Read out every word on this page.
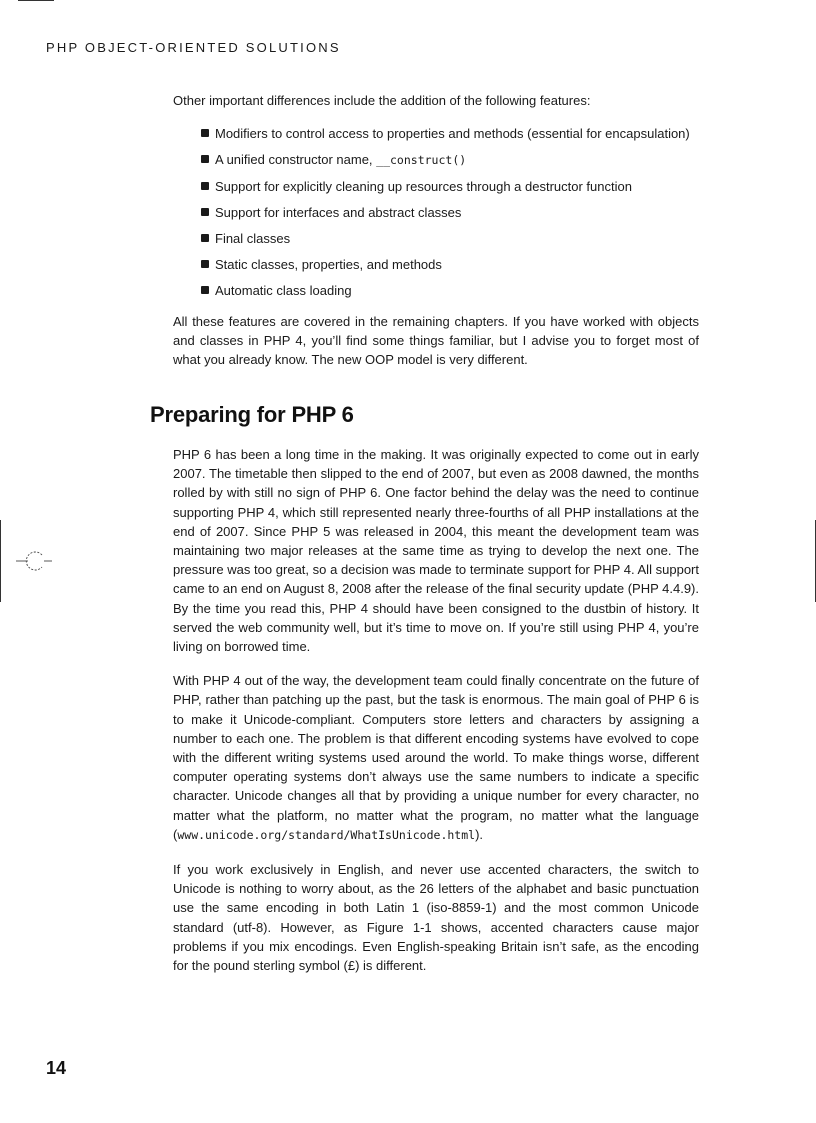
PHP OBJECT-ORIENTED SOLUTIONS

Other important differences include the addition of the following features:

Modifiers to control access to properties and methods (essential for encapsulation)
A unified constructor name, __construct()
Support for explicitly cleaning up resources through a destructor function
Support for interfaces and abstract classes
Final classes
Static classes, properties, and methods
Automatic class loading

All these features are covered in the remaining chapters. If you have worked with objects and classes in PHP 4, you’ll find some things familiar, but I advise you to forget most of what you already know. The new OOP model is very different.

Preparing for PHP 6

PHP 6 has been a long time in the making. It was originally expected to come out in early 2007. The timetable then slipped to the end of 2007, but even as 2008 dawned, the months rolled by with still no sign of PHP 6. One factor behind the delay was the need to continue supporting PHP 4, which still represented nearly three-fourths of all PHP installations at the end of 2007. Since PHP 5 was released in 2004, this meant the development team was maintaining two major releases at the same time as trying to develop the next one. The pressure was too great, so a decision was made to terminate support for PHP 4. All support came to an end on August 8, 2008 after the release of the final security update (PHP 4.4.9). By the time you read this, PHP 4 should have been consigned to the dustbin of history. It served the web community well, but it’s time to move on. If you’re still using PHP 4, you’re living on borrowed time.

With PHP 4 out of the way, the development team could finally concentrate on the future of PHP, rather than patching up the past, but the task is enormous. The main goal of PHP 6 is to make it Unicode-compliant. Computers store letters and characters by assigning a number to each one. The problem is that different encoding systems have evolved to cope with the different writing systems used around the world. To make things worse, different computer operating systems don’t always use the same numbers to indicate a specific character. Unicode changes all that by providing a unique number for every character, no matter what the platform, no matter what the program, no matter what the language (www.unicode.org/standard/WhatIsUnicode.html).

If you work exclusively in English, and never use accented characters, the switch to Unicode is nothing to worry about, as the 26 letters of the alphabet and basic punctuation use the same encoding in both Latin 1 (iso-8859-1) and the most common Unicode standard (utf-8). However, as Figure 1-1 shows, accented characters cause major problems if you mix encodings. Even English-speaking Britain isn’t safe, as the encoding for the pound sterling symbol (£) is different.

14
